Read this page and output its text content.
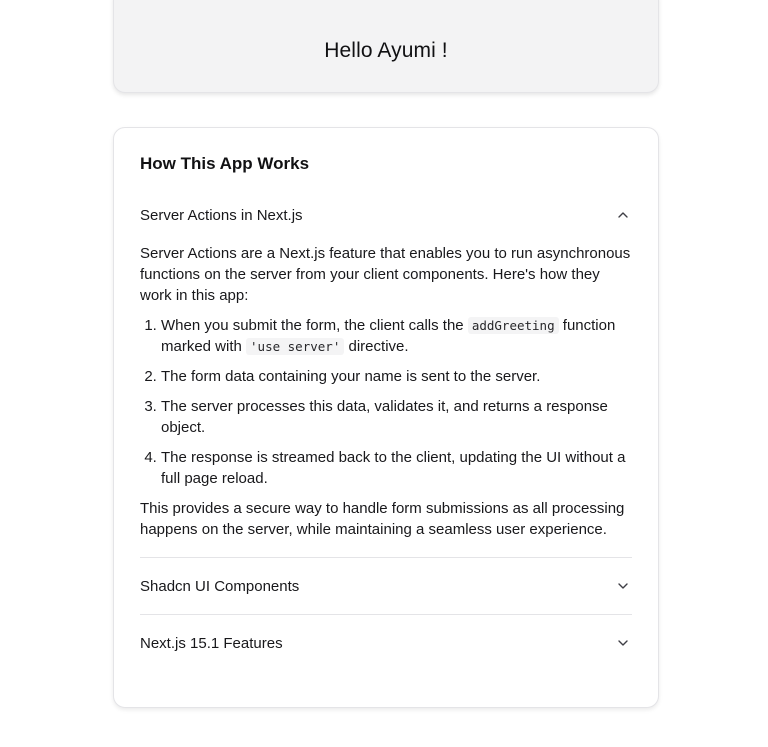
Hello Ayumi !
How This App Works
Server Actions in Next.js

Server Actions are a Next.js feature that enables you to run asynchronous functions on the server from your client components. Here's how they work in this app:

1. When you submit the form, the client calls the addGreeting function marked with 'use server' directive.
2. The form data containing your name is sent to the server.
3. The server processes this data, validates it, and returns a response object.
4. The response is streamed back to the client, updating the UI without a full page reload.

This provides a secure way to handle form submissions as all processing happens on the server, while maintaining a seamless user experience.

Shadcn UI Components
Next.js 15.1 Features
